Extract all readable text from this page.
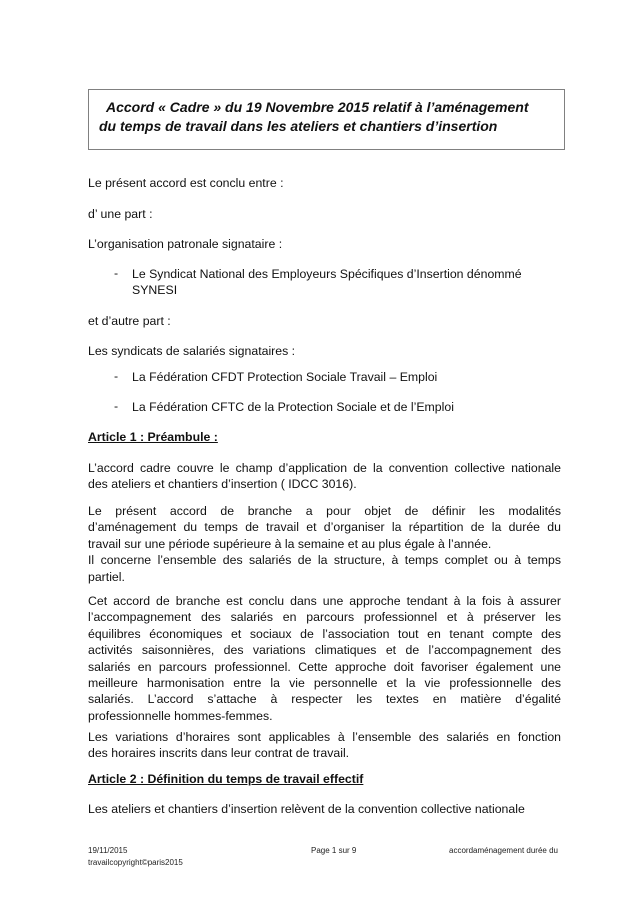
Accord « Cadre » du 19 Novembre 2015 relatif à l’aménagement
du temps de travail dans les ateliers et chantiers d’insertion
Le présent accord est conclu entre :
d’ une part :
L’organisation patronale signataire :
- Le Syndicat National des Employeurs Spécifiques d’Insertion dénommé
SYNESI
et d’autre part :
Les syndicats de salariés signataires :
- La Fédération CFDT Protection Sociale Travail – Emploi
- La Fédération CFTC de la Protection Sociale et de l’Emploi
Article 1 : Préambule :
L’accord cadre couvre le champ d’application de la convention collective nationale
des ateliers et chantiers d’insertion ( IDCC 3016).
Le présent accord de branche a pour objet de définir les modalités
d’aménagement du temps de travail et d’organiser la répartition de la durée du
travail sur une période supérieure à la semaine et au plus égale à l’année.
Il concerne l’ensemble des salariés de la structure, à temps complet ou à temps
partiel.
Cet accord de branche est conclu dans une approche tendant à la fois à assurer
l’accompagnement des salariés en parcours professionnel et à préserver les
équilibres économiques et sociaux de l’association tout en tenant compte des
activités saisonnières, des variations climatiques et de l’accompagnement des
salariés en parcours professionnel. Cette approche doit favoriser également une
meilleure harmonisation entre la vie personnelle et la vie professionnelle des
salariés. L’accord s’attache à respecter les textes en matière d’égalité
professionnelle hommes-femmes.
Les variations d’horaires sont applicables à l’ensemble des salariés en fonction
des horaires inscrits dans leur contrat de travail.
Article 2 : Définition du temps de travail effectif
Les ateliers et chantiers d’insertion relèvent de la convention collective nationale
19/11/2015	Page 1 sur 9	accordaménagement durée du
travailcopyright©paris2015
